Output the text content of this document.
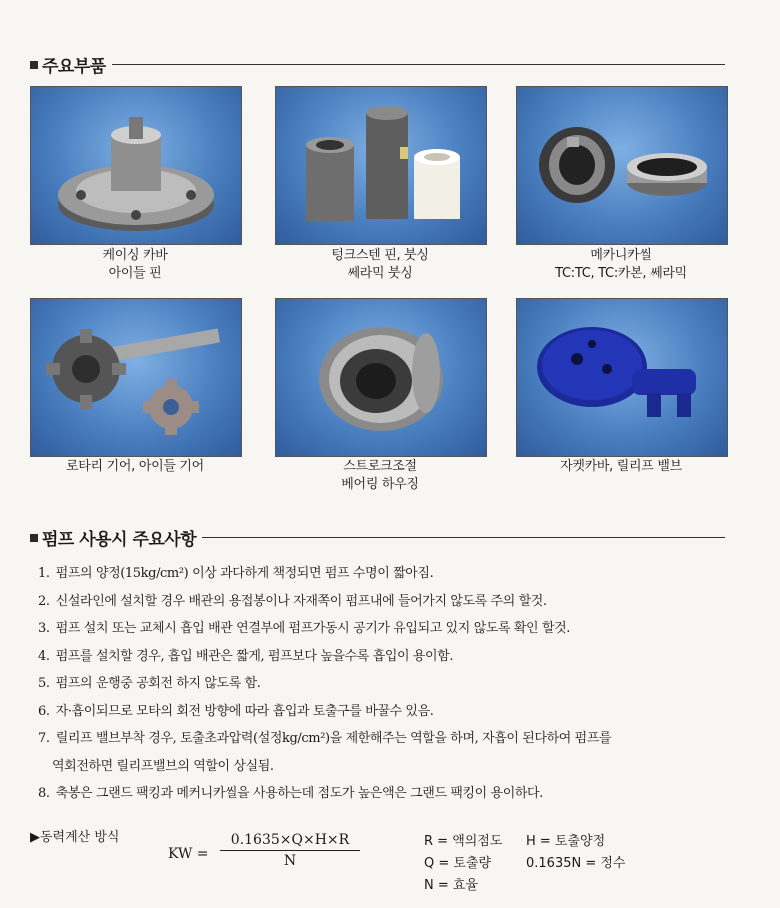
주요부품
케이싱 카바
아이들 핀
텅크스텐 핀, 붓싱
쎄라믹 붓싱
메카니카씰
TC:TC, TC:카본, 쎄라믹
로타리 기어, 아이들 기어	스트로크조절
베어링 하우징
자켓카바, 릴리프 밸브
펌프 사용시 주요사항
1. 펌프의 양정(15kg/cm²) 이상 과다하게 책정되면 펌프 수명이 짧아짐.
2. 신설라인에 설치할 경우 배관의 용접봉이나 자재쪽이 펌프내에 들어가지 않도록 주의 할것.
3. 펌프 설치 또는 교체시 흡입 배관 연결부에 펌프가동시 공기가 유입되고 있지 않도록 확인 할것.
4. 펌프를 설치할 경우, 흡입 배관은 짧게, 펌프보다 높을수록 흡입이 용이함.
5. 펌프의 운행중 공회전 하지 않도록 함.
6. 자·흡이되므로 모타의 회전 방향에 따라 흡입과 토출구를 바꿀수 있음.
7. 릴리프 밸브부착 경우, 토출초과압력(설정kg/cm²)을 제한해주는 역할을 하며, 자흡이 된다하여 펌프를
역회전하면 릴리프밸브의 역할이 상실됨.
8. 축봉은 그랜드 팩킹과 메커니카씰을 사용하는데 점도가 높은액은 그랜드 팩킹이 용이하다.
▶동력계산 방식
KW =
0.1635×Q×H×R
N
R = 액의점도 H = 토출양정
Q = 토출량	0.1635N = 정수
N = 효율
